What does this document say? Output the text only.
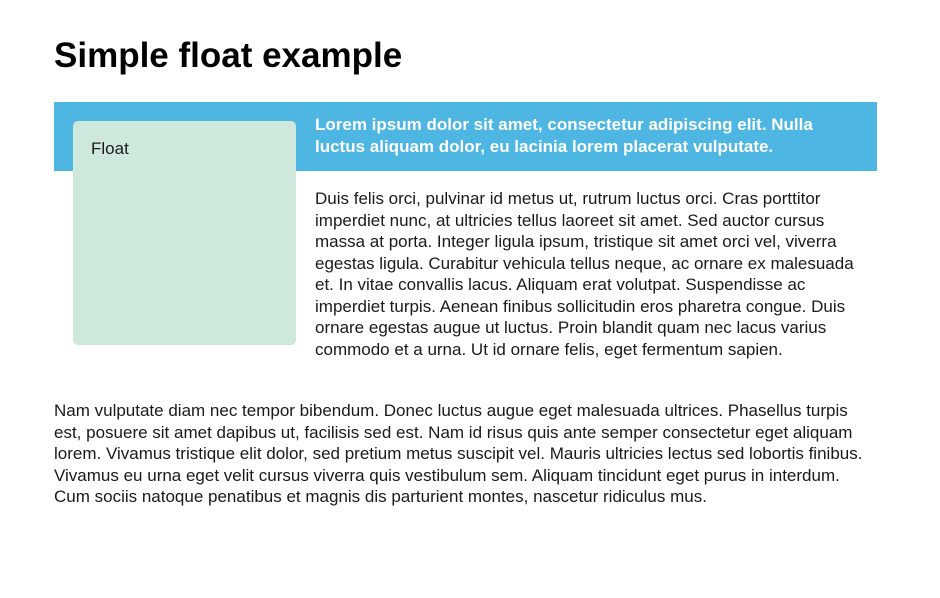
Simple float example

Lorem ipsum dolor sit amet, consectetur adipiscing elit. Nulla luctus aliquam dolor, eu lacinia lorem placerat vulputate.

Float

Duis felis orci, pulvinar id metus ut, rutrum luctus orci. Cras porttitor imperdiet nunc, at ultricies tellus laoreet sit amet. Sed auctor cursus massa at porta. Integer ligula ipsum, tristique sit amet orci vel, viverra egestas ligula. Curabitur vehicula tellus neque, ac ornare ex malesuada et. In vitae convallis lacus. Aliquam erat volutpat. Suspendisse ac imperdiet turpis. Aenean finibus sollicitudin eros pharetra congue. Duis ornare egestas augue ut luctus. Proin blandit quam nec lacus varius commodo et a urna. Ut id ornare felis, eget fermentum sapien.

Nam vulputate diam nec tempor bibendum. Donec luctus augue eget malesuada ultrices. Phasellus turpis est, posuere sit amet dapibus ut, facilisis sed est. Nam id risus quis ante semper consectetur eget aliquam lorem. Vivamus tristique elit dolor, sed pretium metus suscipit vel. Mauris ultricies lectus sed lobortis finibus. Vivamus eu urna eget velit cursus viverra quis vestibulum sem. Aliquam tincidunt eget purus in interdum. Cum sociis natoque penatibus et magnis dis parturient montes, nascetur ridiculus mus.
